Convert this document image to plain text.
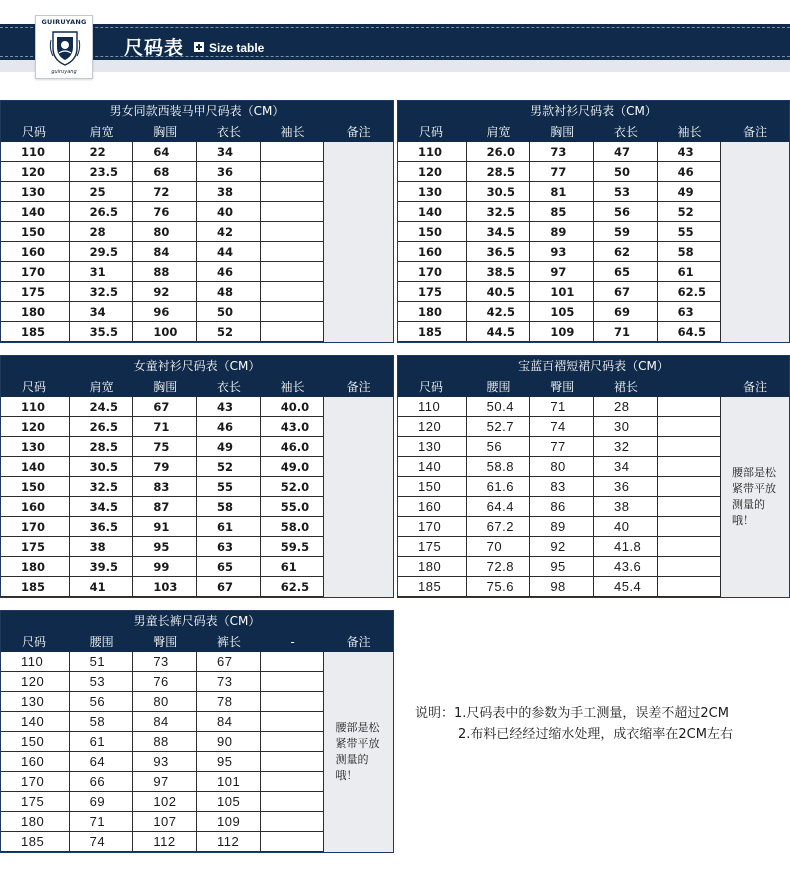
GUIRUYANG
guiruyang
尺码表 Size table
男女同款西装马甲尺码表（CM）
尺码	肩宽	胸围	衣长	袖长	备注
110	22	64	34
120	23.5	68	36
130	25	72	38
140	26.5	76	40
150	28	80	42
160	29.5	84	44
170	31	88	46
175	32.5	92	48
180	34	96	50
185	35.5	100	52
男款衬衫尺码表（CM）
尺码	肩宽	胸围	衣长	袖长	备注
110	26.0	73	47	43
120	28.5	77	50	46
130	30.5	81	53	49
140	32.5	85	56	52
150	34.5	89	59	55
160	36.5	93	62	58
170	38.5	97	65	61
175	40.5	101	67	62.5
180	42.5	105	69	63
185	44.5	109	71	64.5
女童衬衫尺码表（CM）
尺码	肩宽	胸围	衣长	袖长	备注
110	24.5	67	43	40.0
120	26.5	71	46	43.0
130	28.5	75	49	46.0
140	30.5	79	52	49.0
150	32.5	83	55	52.0
160	34.5	87	58	55.0
170	36.5	91	61	58.0
175	38	95	63	59.5
180	39.5	99	65	61
185	41	103	67	62.5
宝蓝百褶短裙尺码表（CM）
尺码	腰围	臀围	裙长	备注
110	50.4	71	28
120	52.7	74	30
130	56	77	32
140	58.8	80	34
150	61.6	83	36
160	64.4	86	38
170	67.2	89	40
175	70	92	41.8
180	72.8	95	43.6
185	75.6	98	45.4
腰部是松紧带平放测量的哦！
男童长裤尺码表（CM）
尺码	腰围	臀围	裤长	-	备注
110	51	73	67
120	53	76	73
130	56	80	78
140	58	84	84
150	61	88	90
160	64	93	95
170	66	97	101
175	69	102	105
180	71	107	109
185	74	112	112
腰部是松紧带平放测量的哦！
说明：1.尺码表中的参数为手工测量，误差不超过2CM
2.布料已经经过缩水处理，成衣缩率在2CM左右
